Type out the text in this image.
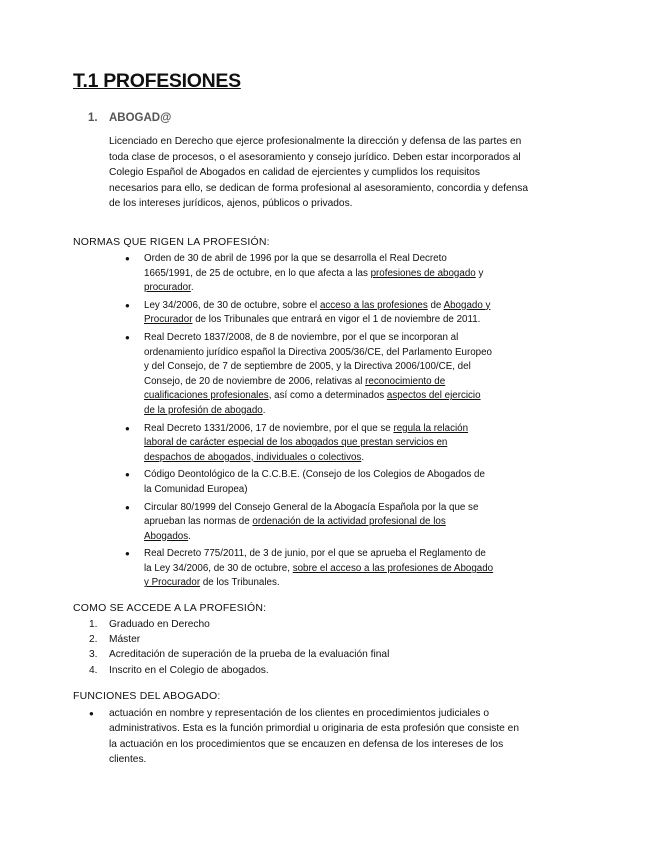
T.1 PROFESIONES
1. ABOGAD@

Licenciado en Derecho que ejerce profesionalmente la dirección y defensa de las partes en toda clase de procesos, o el asesoramiento y consejo jurídico. Deben estar incorporados al Colegio Español de Abogados en calidad de ejercientes y cumplidos los requisitos necesarios para ello, se dedican de forma profesional al asesoramiento, concordia y defensa de los intereses jurídicos, ajenos, públicos o privados.

NORMAS QUE RIGEN LA PROFESIÓN:

● Orden de 30 de abril de 1996 por la que se desarrolla el Real Decreto 1665/1991, de 25 de octubre, en lo que afecta a las profesiones de abogado y procurador.
● Ley 34/2006, de 30 de octubre, sobre el acceso a las profesiones de Abogado y Procurador de los Tribunales que entrará en vigor el 1 de noviembre de 2011.
● Real Decreto 1837/2008, de 8 de noviembre, por el que se incorporan al ordenamiento jurídico español la Directiva 2005/36/CE, del Parlamento Europeo y del Consejo, de 7 de septiembre de 2005, y la Directiva 2006/100/CE, del Consejo, de 20 de noviembre de 2006, relativas al reconocimiento de cualificaciones profesionales, así como a determinados aspectos del ejercicio de la profesión de abogado.
● Real Decreto 1331/2006, 17 de noviembre, por el que se regula la relación laboral de carácter especial de los abogados que prestan servicios en despachos de abogados, individuales o colectivos.
● Código Deontológico de la C.C.B.E. (Consejo de los Colegios de Abogados de la Comunidad Europea)
● Circular 80/1999 del Consejo General de la Abogacía Española por la que se aprueban las normas de ordenación de la actividad profesional de los Abogados.
● Real Decreto 775/2011, de 3 de junio, por el que se aprueba el Reglamento de la Ley 34/2006, de 30 de octubre, sobre el acceso a las profesiones de Abogado y Procurador de los Tribunales.

COMO SE ACCEDE A LA PROFESIÓN:

1. Graduado en Derecho
2. Máster
3. Acreditación de superación de la prueba de la evaluación final
4. Inscrito en el Colegio de abogados.

FUNCIONES DEL ABOGADO:

● actuación en nombre y representación de los clientes en procedimientos judiciales o administrativos. Esta es la función primordial u originaria de esta profesión que consiste en la actuación en los procedimientos que se encauzen en defensa de los intereses de los clientes.
